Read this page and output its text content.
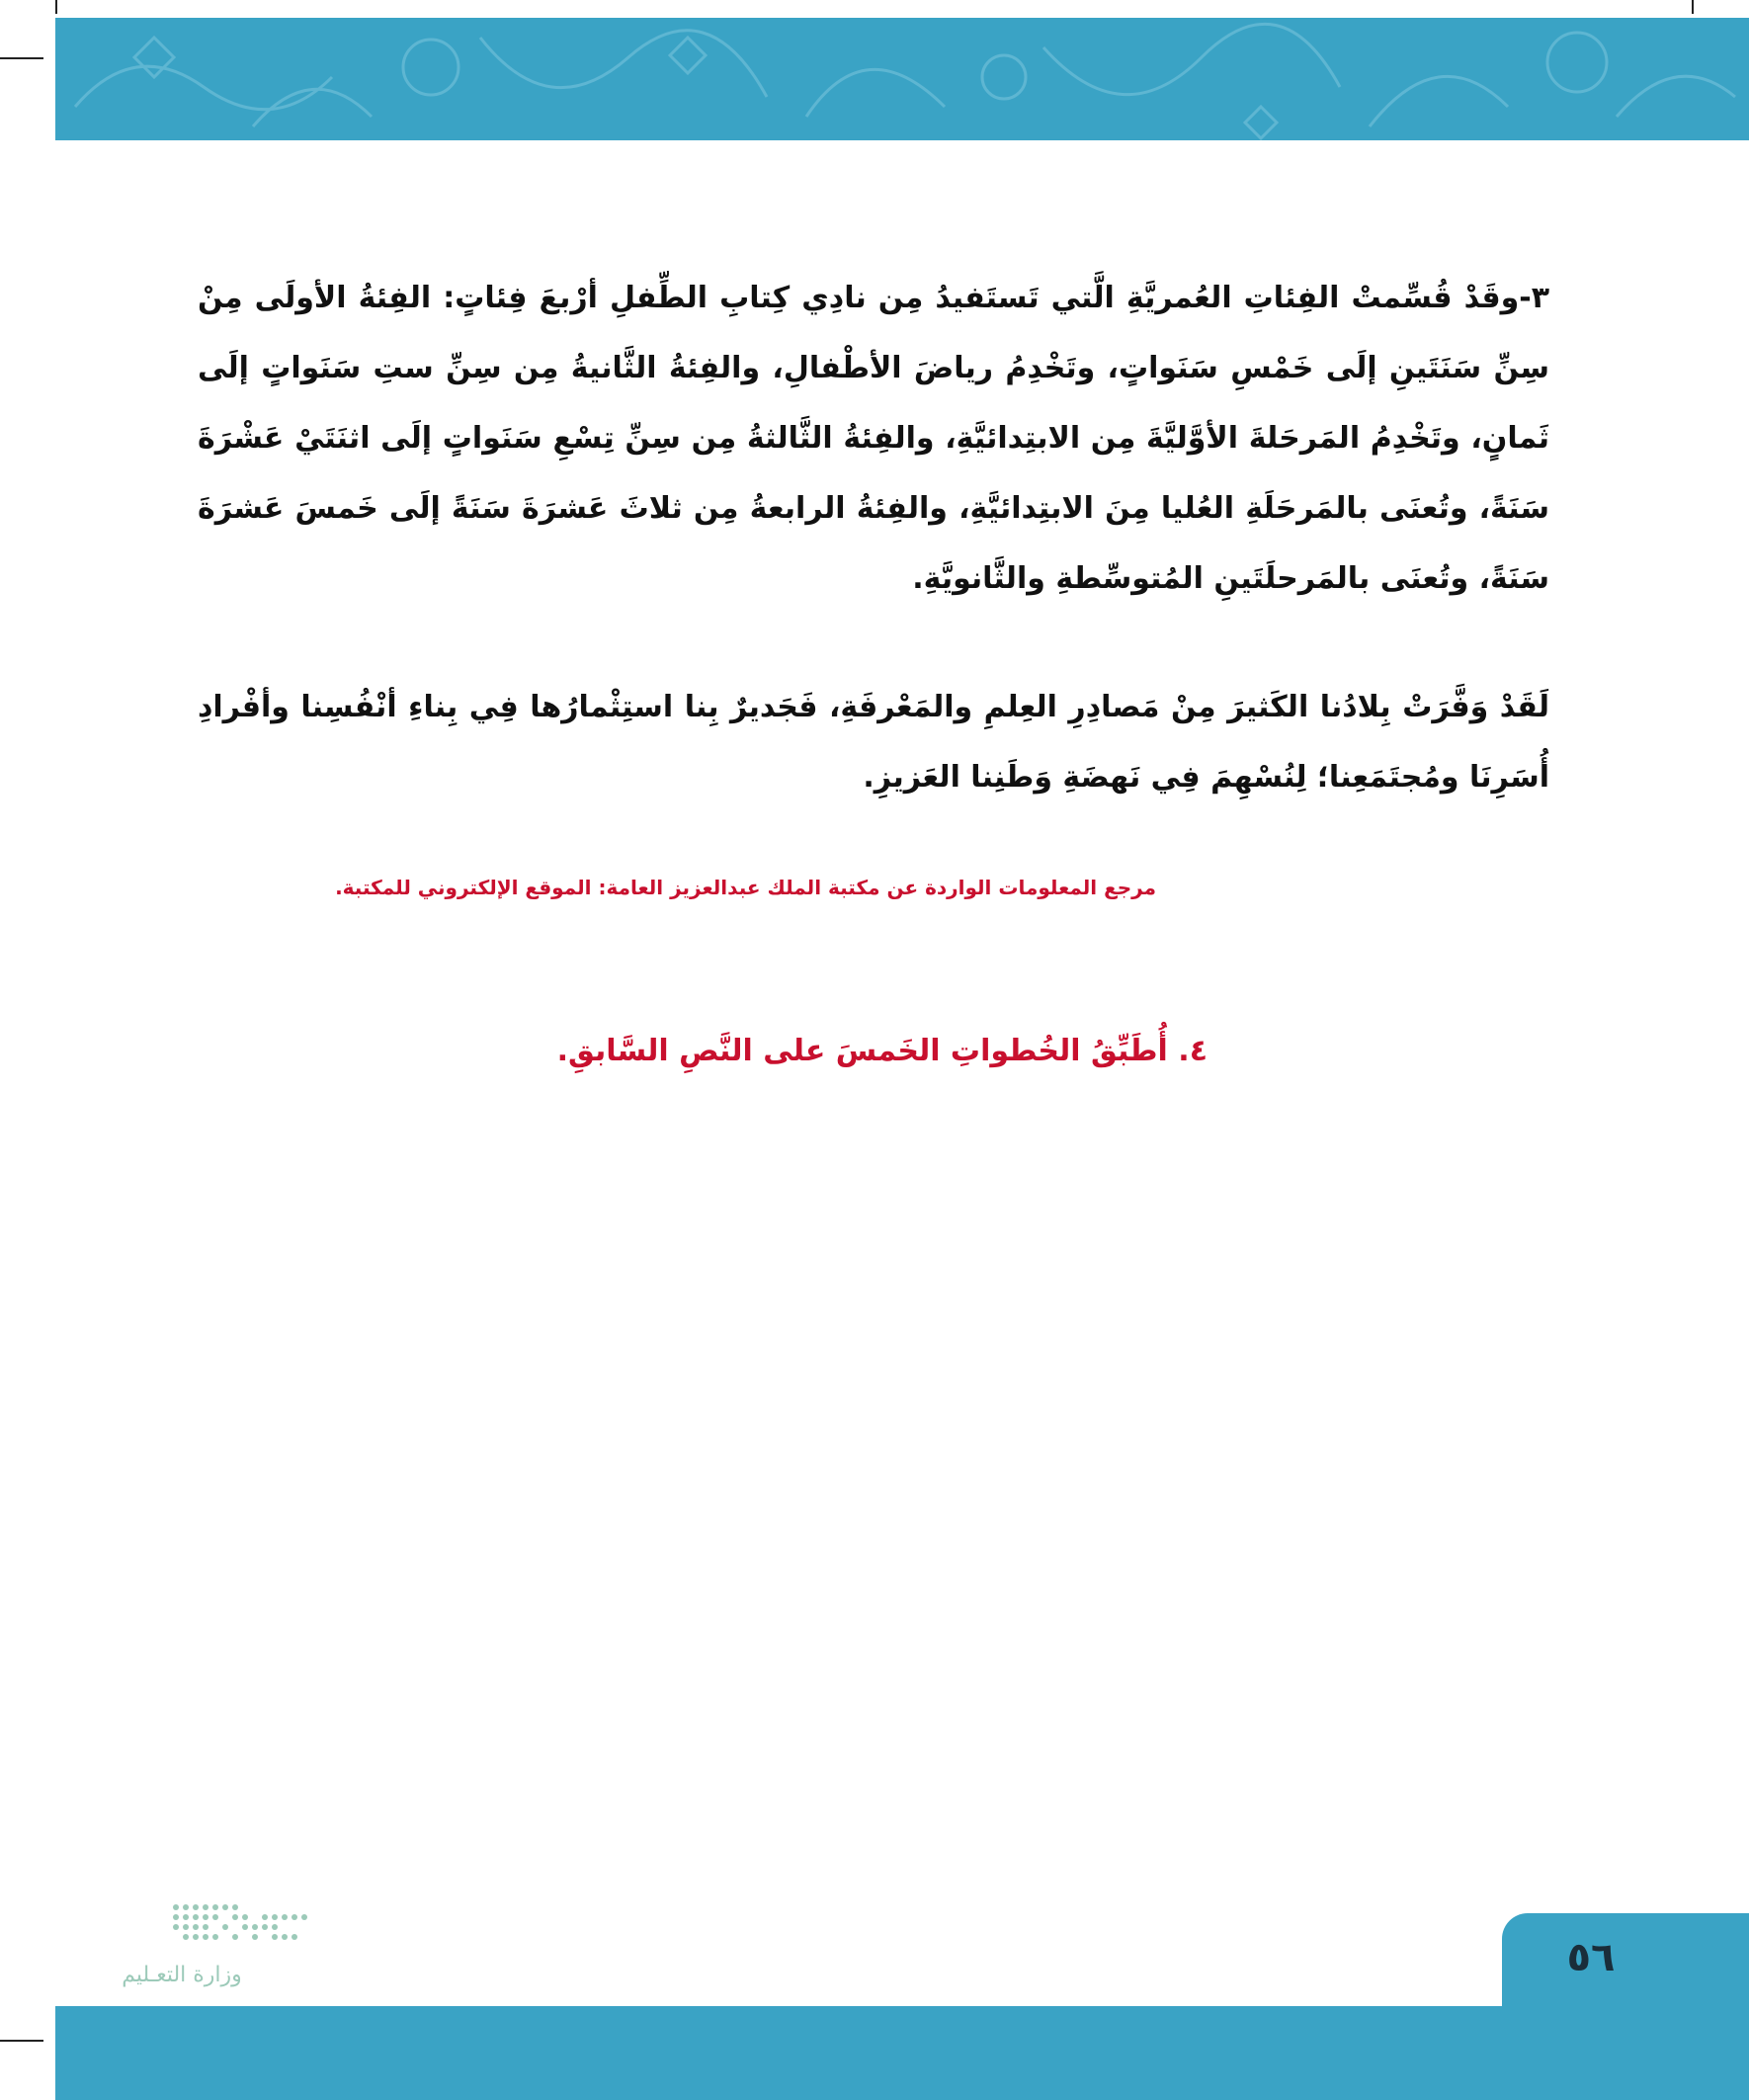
٣-وقَدْ قُسِّمتْ الفِئاتِ العُمريَّةِ الَّتي تَستَفيدُ مِن نادِي كِتابِ الطِّفلِ أرْبعَ فِئاتٍ: الفِئةُ الأولَى مِنْ سِنِّ سَنَتَينِ إلَى خَمْسِ سَنَواتٍ، وتَخْدِمُ رياضَ الأطْفالِ، والفِئةُ الثَّانيةُ مِن سِنِّ ستِ سَنَواتٍ إلَى ثَمانٍ، وتَخْدِمُ المَرحَلةَ الأوَّليَّةَ مِن الابتِدائيَّةِ، والفِئةُ الثَّالثةُ مِن سِنِّ تِسْعِ سَنَواتٍ إلَى اثنَتَيْ عَشْرَةَ سَنَةً، وتُعنَى بالمَرحَلَةِ العُليا مِنَ الابتِدائيَّةِ، والفِئةُ الرابعةُ مِن ثلاثَ عَشرَةَ سَنَةً إلَى خَمسَ عَشرَةَ سَنَةً، وتُعنَى بالمَرحلَتَينِ المُتوسِّطةِ والثَّانويَّةِ.

لَقَدْ وَفَّرَتْ بِلادُنا الكَثيرَ مِنْ مَصادِرِ العِلمِ والمَعْرفَةِ، فَجَديرٌ بِنا استِثْمارُها فِي بِناءِ أنْفُسِنا وأفْرادِ أُسَرِنَا ومُجتَمَعِنا؛ لِنُسْهِمَ فِي نَهضَةِ وَطَنِنا العَزيزِ.

مرجع المعلومات الواردة عن مكتبة الملك عبدالعزيز العامة: الموقع الإلكتروني للمكتبة.
٤. أُطَبِّقُ الخُطواتِ الخَمسَ على النَّصِ السَّابقِ.
٥٦
وزارة التعـليم
